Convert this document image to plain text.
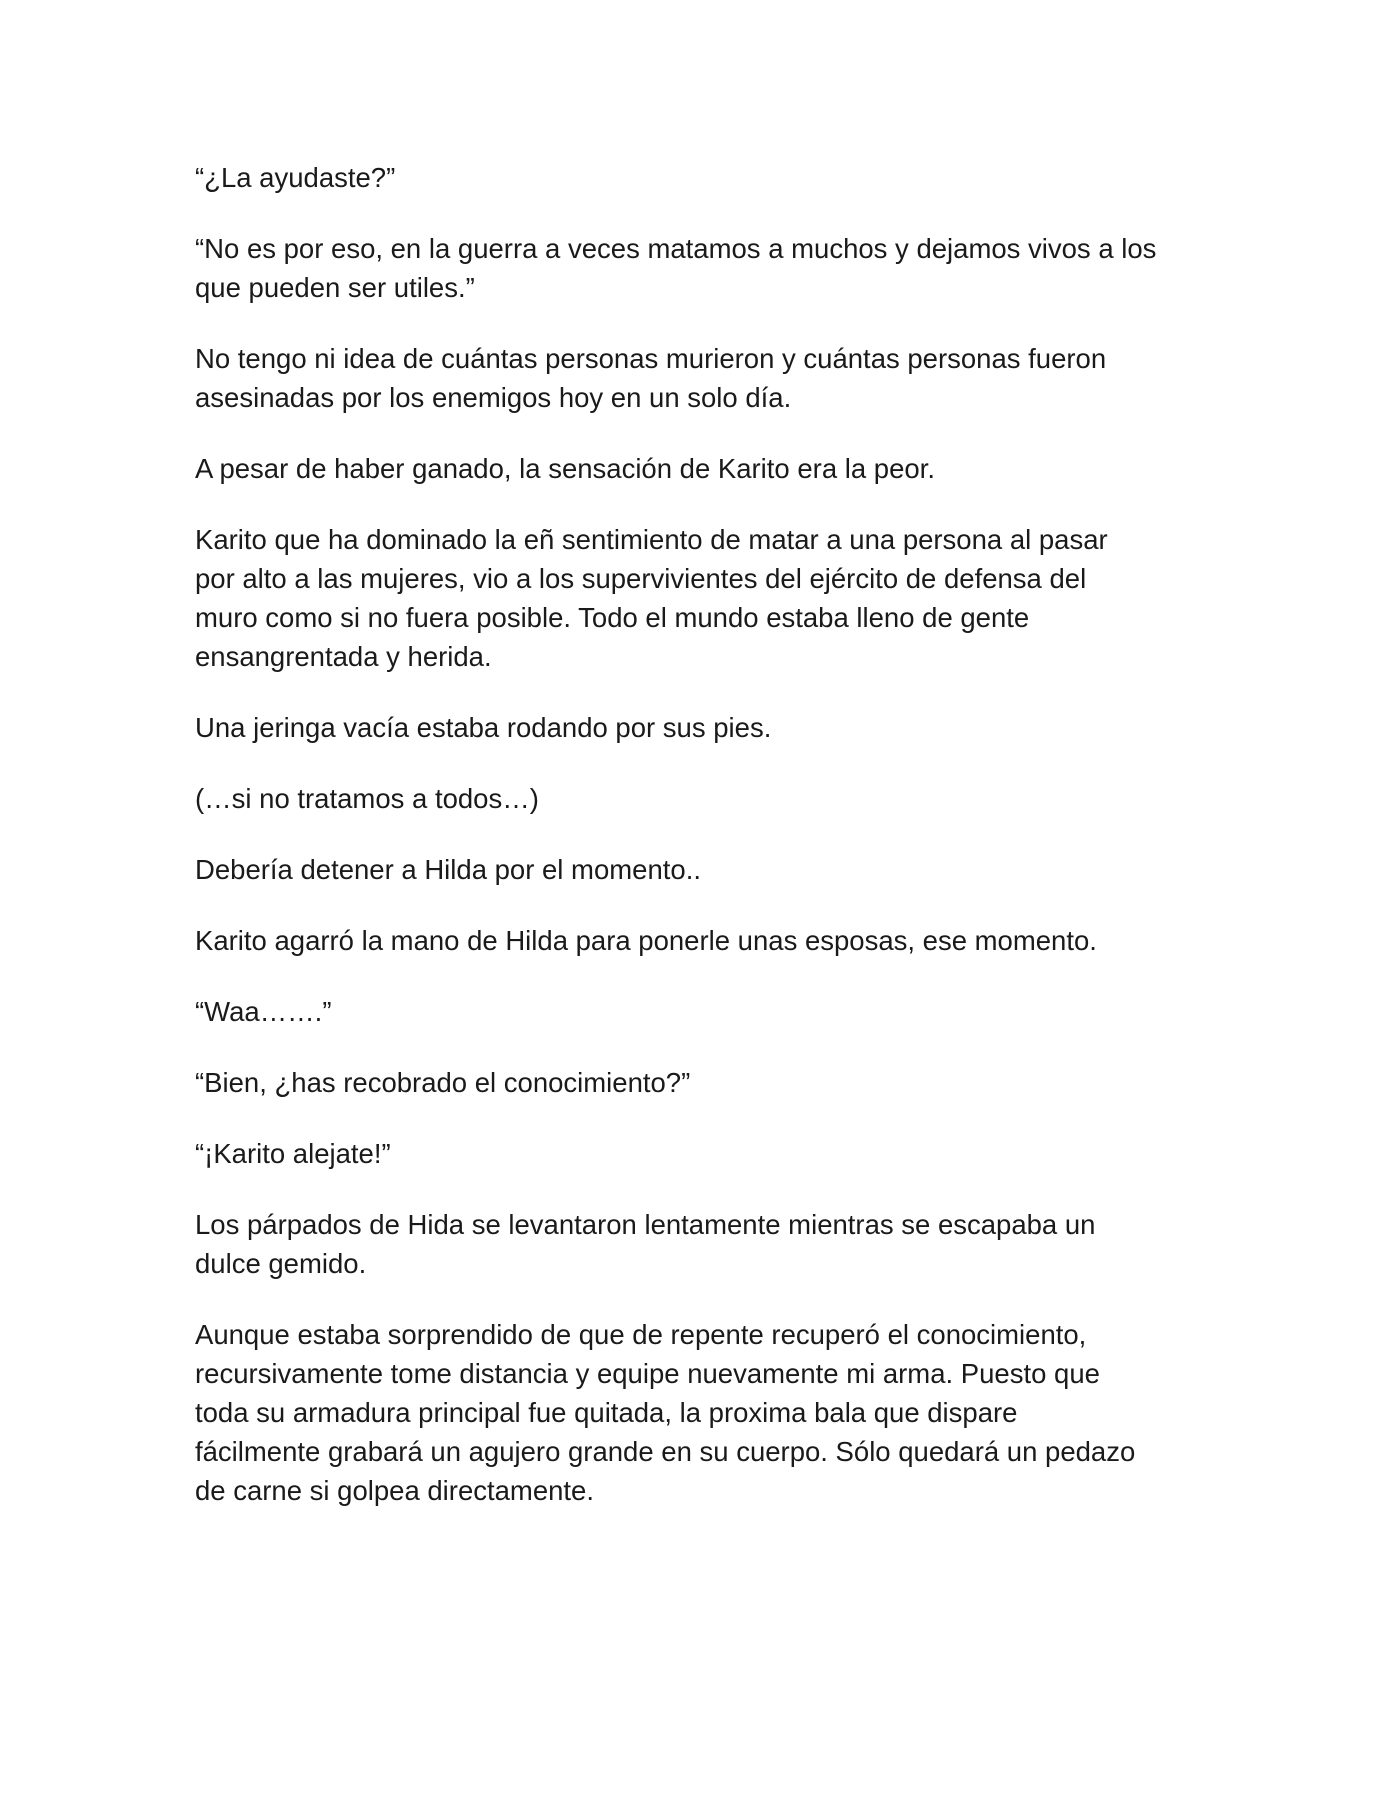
“¿La ayudaste?”

“No es por eso, en la guerra a veces matamos a muchos y dejamos vivos a los
que pueden ser utiles.”

No tengo ni idea de cuántas personas murieron y cuántas personas fueron
asesinadas por los enemigos hoy en un solo día.

A pesar de haber ganado, la sensación de Karito era la peor.

Karito que ha dominado la eñ sentimiento de matar a una persona al pasar
por alto a las mujeres, vio a los supervivientes del ejército de defensa del
muro como si no fuera posible. Todo el mundo estaba lleno de gente
ensangrentada y herida.

Una jeringa vacía estaba rodando por sus pies.

(…si no tratamos a todos…)

Debería detener a Hilda por el momento..

Karito agarró la mano de Hilda para ponerle unas esposas, ese momento.

“Waa…….”

“Bien, ¿has recobrado el conocimiento?”

“¡Karito alejate!”

Los párpados de Hida se levantaron lentamente mientras se escapaba un
dulce gemido.

Aunque estaba sorprendido de que de repente recuperó el conocimiento,
recursivamente tome distancia y equipe nuevamente mi arma. Puesto que
toda su armadura principal fue quitada, la proxima bala que dispare
fácilmente grabará un agujero grande en su cuerpo. Sólo quedará un pedazo
de carne si golpea directamente.
